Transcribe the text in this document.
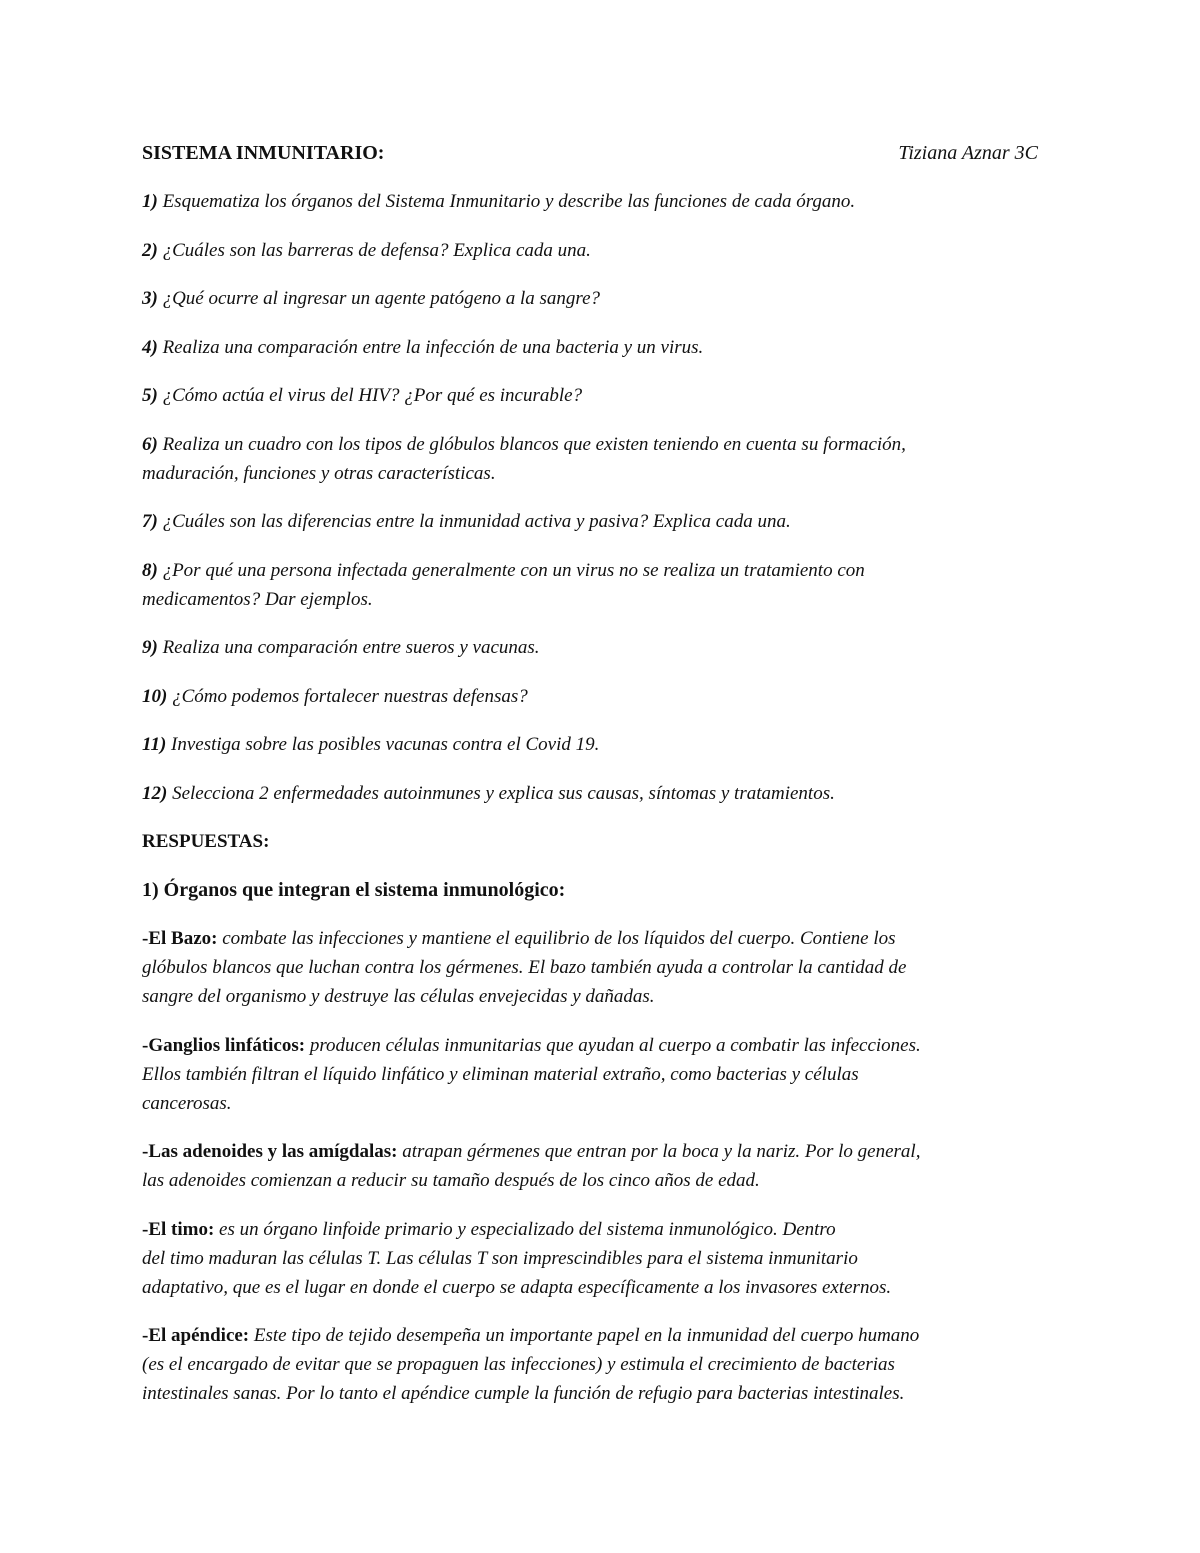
SISTEMA INMUNITARIO:	Tiziana Aznar 3C
1) Esquematiza los órganos del Sistema Inmunitario y describe las funciones de cada órgano.
2) ¿Cuáles son las barreras de defensa? Explica cada una.
3) ¿Qué ocurre al ingresar un agente patógeno a la sangre?
4) Realiza una comparación entre la infección de una bacteria y un virus.
5) ¿Cómo actúa el virus del HIV? ¿Por qué es incurable?
6) Realiza un cuadro con los tipos de glóbulos blancos que existen teniendo en cuenta su formación,
maduración, funciones y otras características.
7) ¿Cuáles son las diferencias entre la inmunidad activa y pasiva? Explica cada una.
8) ¿Por qué una persona infectada generalmente con un virus no se realiza un tratamiento con
medicamentos? Dar ejemplos.
9) Realiza una comparación entre sueros y vacunas.
10) ¿Cómo podemos fortalecer nuestras defensas?
11) Investiga sobre las posibles vacunas contra el Covid 19.
12) Selecciona 2 enfermedades autoinmunes y explica sus causas, síntomas y tratamientos.
RESPUESTAS:
1) Órganos que integran el sistema inmunológico:
-El Bazo: combate las infecciones y mantiene el equilibrio de los líquidos del cuerpo. Contiene los
glóbulos blancos que luchan contra los gérmenes. El bazo también ayuda a controlar la cantidad de
sangre del organismo y destruye las células envejecidas y dañadas.
-Ganglios linfáticos: producen células inmunitarias que ayudan al cuerpo a combatir las infecciones.
Ellos también filtran el líquido linfático y eliminan material extraño, como bacterias y células
cancerosas.
-Las adenoides y las amígdalas: atrapan gérmenes que entran por la boca y la nariz. Por lo general,
las adenoides comienzan a reducir su tamaño después de los cinco años de edad.
-El timo: es un órgano linfoide primario y especializado del sistema inmunológico. Dentro
del timo maduran las células T. Las células T son imprescindibles para el sistema inmunitario
adaptativo, que es el lugar en donde el cuerpo se adapta específicamente a los invasores externos.
-El apéndice: Este tipo de tejido desempeña un importante papel en la inmunidad del cuerpo humano
(es el encargado de evitar que se propaguen las infecciones) y estimula el crecimiento de bacterias
intestinales sanas. Por lo tanto el apéndice cumple la función de refugio para bacterias intestinales.
